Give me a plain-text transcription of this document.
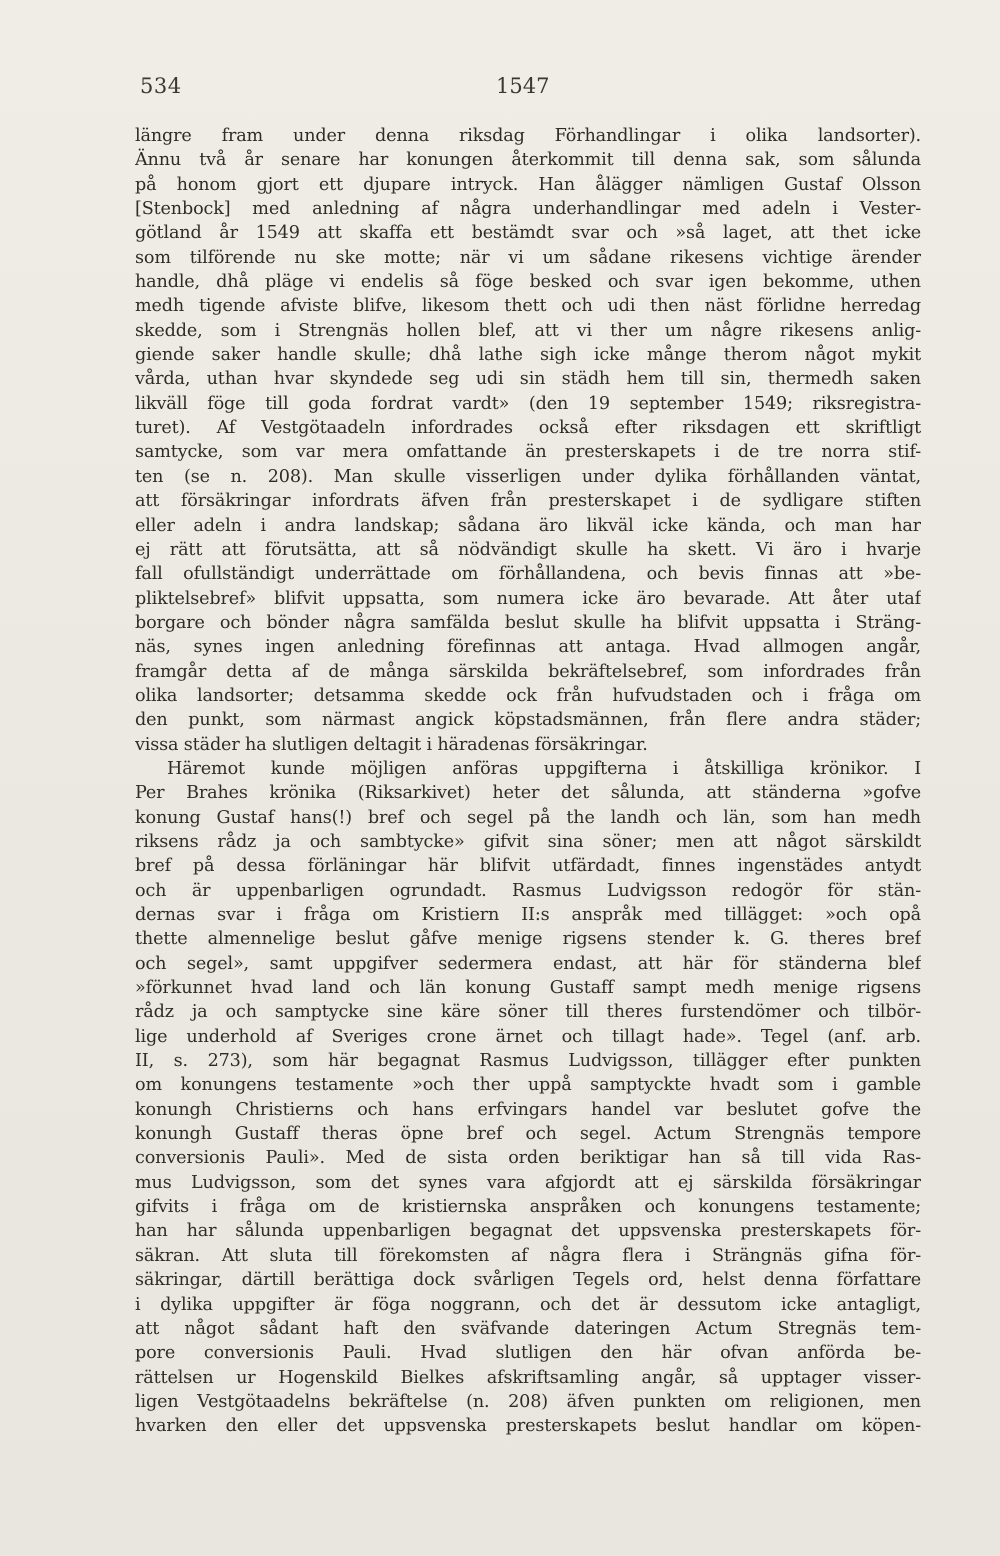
534	1547
längre fram under denna riksdag Förhandlingar i olika landsorter).
Ännu två år senare har konungen återkommit till denna sak, som sålunda
på honom gjort ett djupare intryck. Han ålägger nämligen Gustaf Olsson
[Stenbock] med anledning af några underhandlingar med adeln i Vester-
götland år 1549 att skaffa ett bestämdt svar och »så laget, att thet icke
som tilförende nu ske motte; när vi um sådane rikesens vichtige ärender
handle, dhå pläge vi endelis så föge besked och svar igen bekomme, uthen
medh tigende afviste blifve, likesom thett och udi then näst förlidne herredag
skedde, som i Strengnäs hollen blef, att vi ther um någre rikesens anlig-
giende saker handle skulle; dhå lathe sigh icke månge therom något mykit
vårda, uthan hvar skyndede seg udi sin städh hem till sin, thermedh saken
likväll föge till goda fordrat vardt» (den 19 september 1549; riksregistra-
turet). Af Vestgötaadeln infordrades också efter riksdagen ett skriftligt
samtycke, som var mera omfattande än presterskapets i de tre norra stif-
ten (se n. 208). Man skulle visserligen under dylika förhållanden väntat,
att försäkringar infordrats äfven från presterskapet i de sydligare stiften
eller adeln i andra landskap; sådana äro likväl icke kända, och man har
ej rätt att förutsätta, att så nödvändigt skulle ha skett. Vi äro i hvarje
fall ofullständigt underrättade om förhållandena, och bevis finnas att »be-
pliktelsebref» blifvit uppsatta, som numera icke äro bevarade. Att åter utaf
borgare och bönder några samfälda beslut skulle ha blifvit uppsatta i Sträng-
näs, synes ingen anledning förefinnas att antaga. Hvad allmogen angår,
framgår detta af de många särskilda bekräftelsebref, som infordrades från
olika landsorter; detsamma skedde ock från hufvudstaden och i fråga om
den punkt, som närmast angick köpstadsmännen, från flere andra städer;
vissa städer ha slutligen deltagit i häradenas försäkringar.
Häremot kunde möjligen anföras uppgifterna i åtskilliga krönikor. I
Per Brahes krönika (Riksarkivet) heter det sålunda, att ständerna »gofve
konung Gustaf hans(!) bref och segel på the landh och län, som han medh
riksens rådz ja och sambtycke» gifvit sina söner; men att något särskildt
bref på dessa förläningar här blifvit utfärdadt, finnes ingenstädes antydt
och är uppenbarligen ogrundadt. Rasmus Ludvigsson redogör för stän-
dernas svar i fråga om Kristiern II:s anspråk med tillägget: »och opå
thette almennelige beslut gåfve menige rigsens stender k. G. theres bref
och segel», samt uppgifver sedermera endast, att här för ständerna blef
»förkunnet hvad land och län konung Gustaff sampt medh menige rigsens
rådz ja och samptycke sine käre söner till theres furstendömer och tilbör-
lige underhold af Sveriges crone ärnet och tillagt hade». Tegel (anf. arb.
II, s. 273), som här begagnat Rasmus Ludvigsson, tillägger efter punkten
om konungens testamente »och ther uppå samptyckte hvadt som i gamble
konungh Christierns och hans erfvingars handel var beslutet gofve the
konungh Gustaff theras öpne bref och segel. Actum Strengnäs tempore
conversionis Pauli». Med de sista orden beriktigar han så till vida Ras-
mus Ludvigsson, som det synes vara afgjordt att ej särskilda försäkringar
gifvits i fråga om de kristiernska anspråken och konungens testamente;
han har sålunda uppenbarligen begagnat det uppsvenska presterskapets för-
säkran. Att sluta till förekomsten af några flera i Strängnäs gifna för-
säkringar, därtill berättiga dock svårligen Tegels ord, helst denna författare
i dylika uppgifter är föga noggrann, och det är dessutom icke antagligt,
att något sådant haft den sväfvande dateringen Actum Stregnäs tem-
pore conversionis Pauli. Hvad slutligen den här ofvan anförda be-
rättelsen ur Hogenskild Bielkes afskriftsamling angår, så upptager visser-
ligen Vestgötaadelns bekräftelse (n. 208) äfven punkten om religionen, men
hvarken den eller det uppsvenska presterskapets beslut handlar om köpen-
